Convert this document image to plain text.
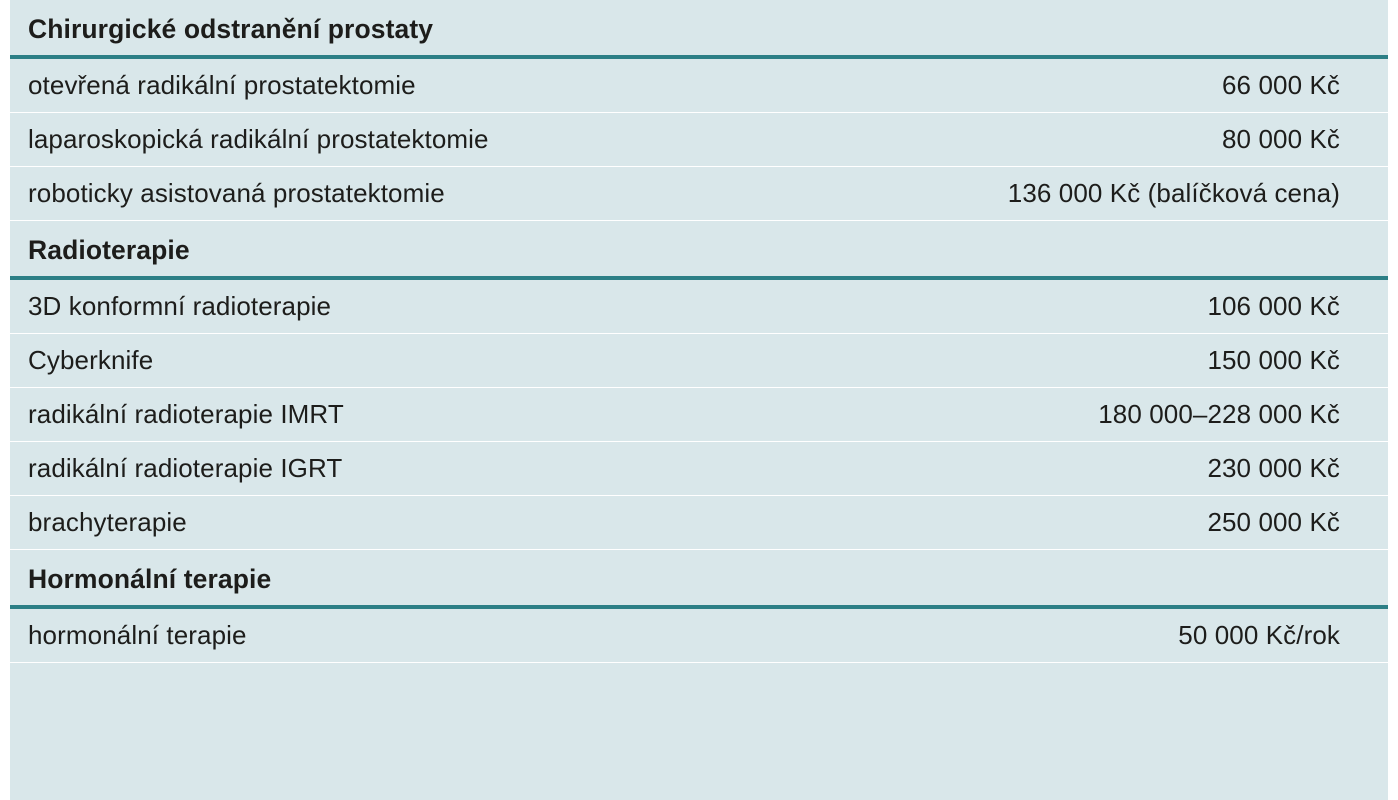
Chirurgické odstranění prostaty
otevřená radikální prostatektomie	66 000 Kč
laparoskopická radikální prostatektomie	80 000 Kč
roboticky asistovaná prostatektomie	136 000 Kč (balíčková cena)
Radioterapie
3D konformní radioterapie	106 000 Kč
Cyberknife	150 000 Kč
radikální radioterapie IMRT	180 000–228 000 Kč
radikální radioterapie IGRT	230 000 Kč
brachyterapie	250 000 Kč
Hormonální terapie
hormonální terapie	50 000 Kč/rok
